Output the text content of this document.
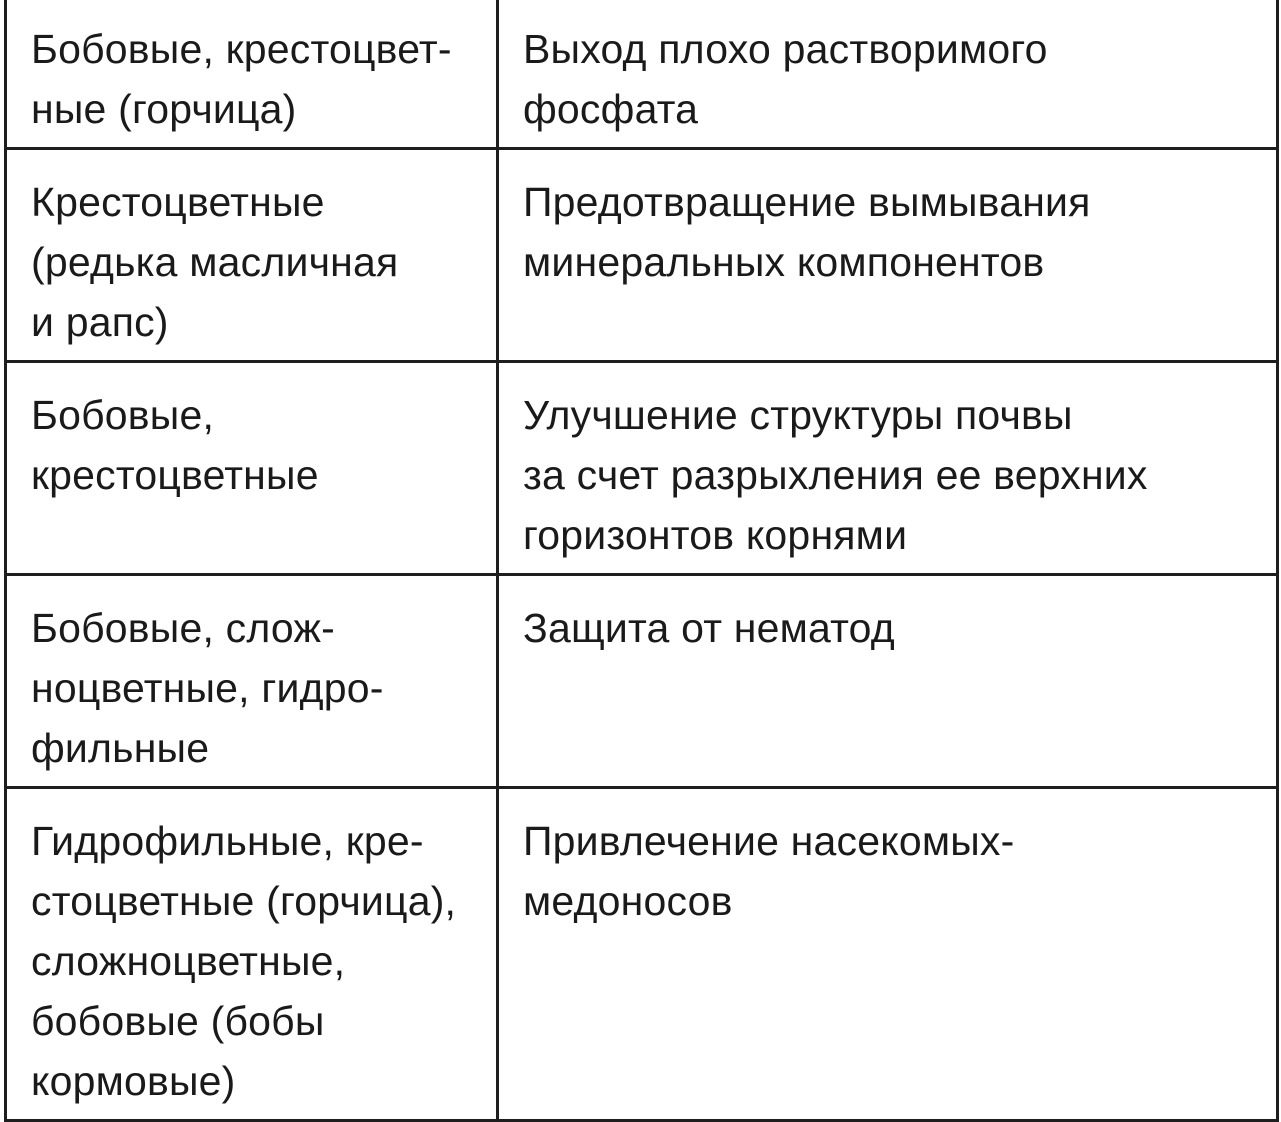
Бобовые, крестоцвет-
ные (горчица)	Выход плохо растворимого
фосфата

Крестоцветные
(редька масличная
и рапс)	Предотвращение вымывания
минеральных компонентов

Бобовые,
крестоцветные	Улучшение структуры почвы
за счет разрыхления ее верхних
горизонтов корнями

Бобовые, слож-
ноцветные, гидро-
фильные	Защита от нематод

Гидрофильные, кре-
стоцветные (горчица),
сложноцветные,
бобовые (бобы
кормовые)	Привлечение насекомых-
медоносов
